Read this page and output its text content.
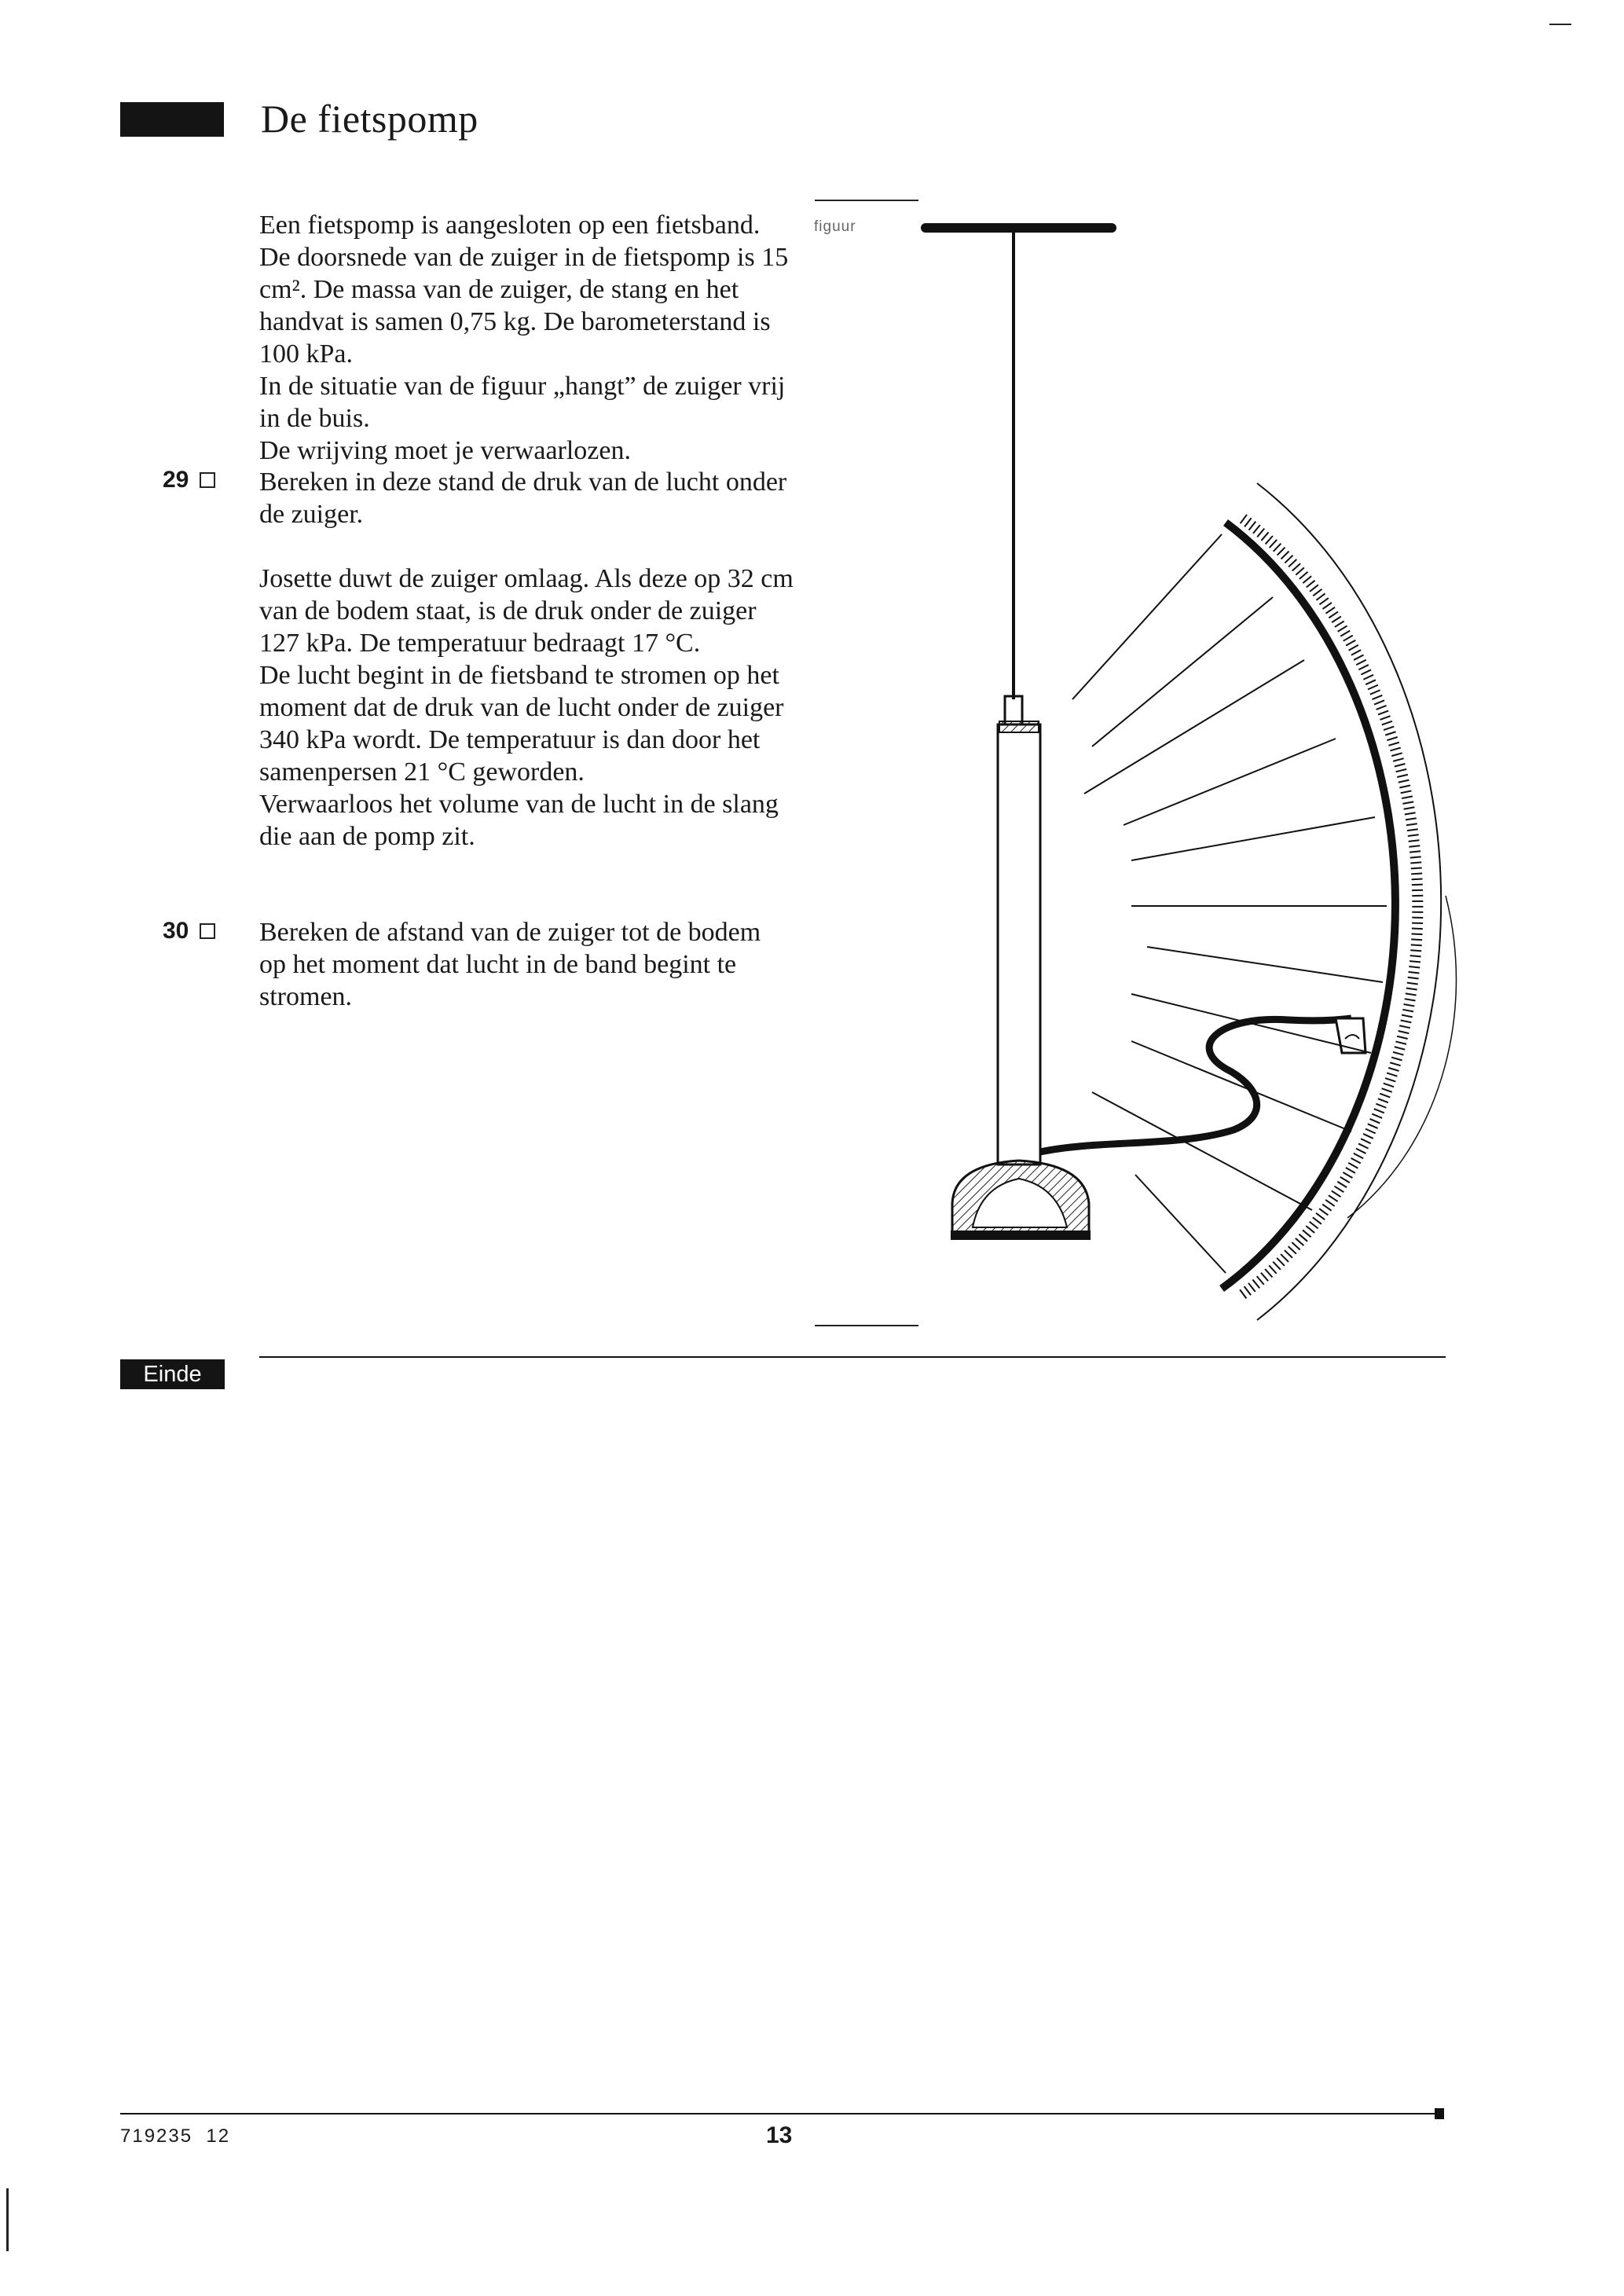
De fietspomp

Een fietspomp is aangesloten op een fietsband. De doorsnede van de zuiger in de fietspomp is 15 cm². De massa van de zuiger, de stang en het handvat is samen 0,75 kg. De barometerstand is 100 kPa.

In de situatie van de figuur „hangt” de zuiger vrij in de buis.

De wrijving moet je verwaarlozen.

29	Bereken in deze stand de druk van de lucht onder de zuiger.

Josette duwt de zuiger omlaag. Als deze op 32 cm van de bodem staat, is de druk onder de zuiger 127 kPa. De temperatuur bedraagt 17 °C.

De lucht begint in de fietsband te stromen op het moment dat de druk van de lucht onder de zuiger 340 kPa wordt. De temperatuur is dan door het samenpersen 21 °C geworden.

Verwaarloos het volume van de lucht in de slang die aan de pomp zit.

30	Bereken de afstand van de zuiger tot de bodem op het moment dat lucht in de band begint te stromen.
figuur
Einde
719235  12	13
